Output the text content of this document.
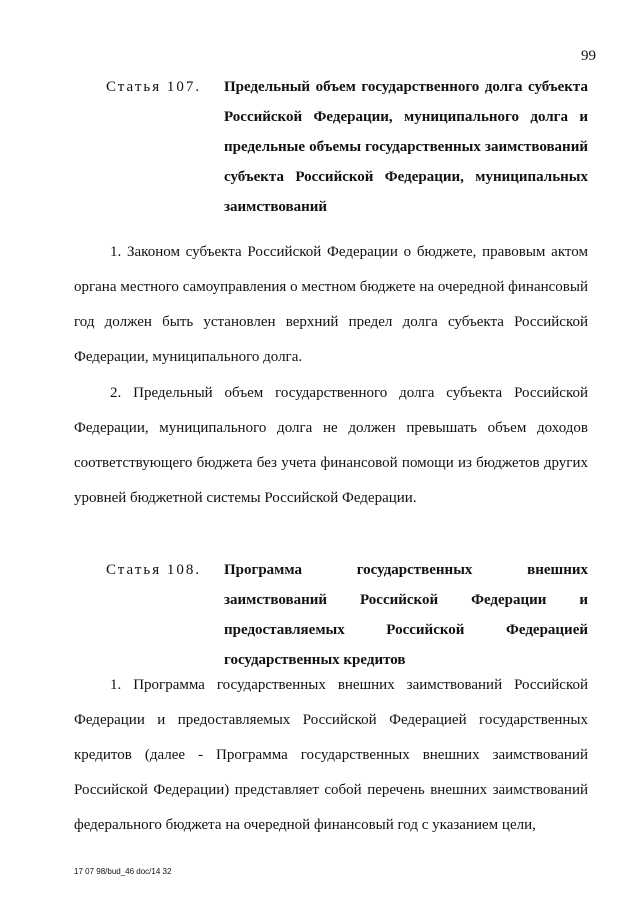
99
Статья 107.	Предельный объем государственного долга субъекта Российской Федерации, муниципального долга и предельные объемы государственных заимствований субъекта Российской Федерации, муниципальных заимствований

1. Законом субъекта Российской Федерации о бюджете, правовым актом органа местного самоуправления о местном бюджете на очередной финансовый год должен быть установлен верхний предел долга субъекта Российской Федерации, муниципального долга.

2. Предельный объем государственного долга субъекта Российской Федерации, муниципального долга не должен превышать объем доходов соответствующего бюджета без учета финансовой помощи из бюджетов других уровней бюджетной системы Российской Федерации.

Статья 108.	Программа государственных внешних заимствований Российской Федерации и предоставляемых Российской Федерацией государственных кредитов

1. Программа государственных внешних заимствований Российской Федерации и предоставляемых Российской Федерацией государственных кредитов (далее - Программа государственных внешних заимствований Российской Федерации) представляет собой перечень внешних заимствований федерального бюджета на очередной финансовый год с указанием цели,

17 07 98/bud_46 doc/14 32
